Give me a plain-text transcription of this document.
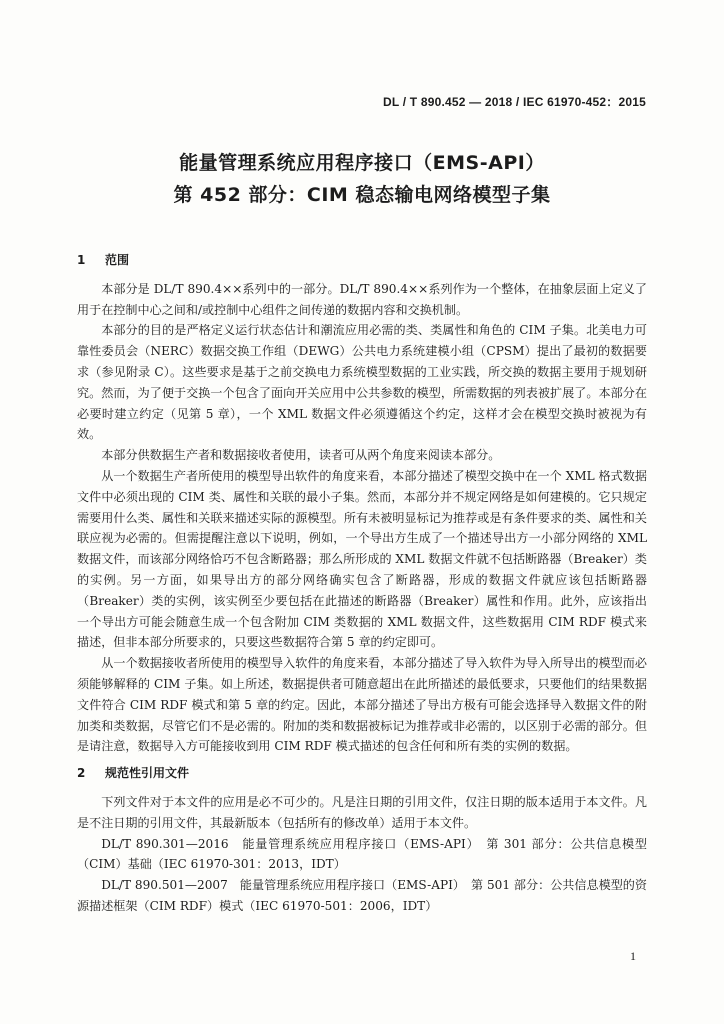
DL / T 890.452 — 2018 / IEC 61970-452：2015
能量管理系统应用程序接口（EMS-API）
第 452 部分：CIM 稳态输电网络模型子集
1 范围

本部分是 DL/T 890.4××系列中的一部分。DL/T 890.4××系列作为一个整体，在抽象层面上定义了用于在控制中心之间和/或控制中心组件之间传递的数据内容和交换机制。

本部分的目的是严格定义运行状态估计和潮流应用必需的类、类属性和角色的 CIM 子集。北美电力可靠性委员会（NERC）数据交换工作组（DEWG）公共电力系统建模小组（CPSM）提出了最初的数据要求（参见附录 C）。这些要求是基于之前交换电力系统模型数据的工业实践，所交换的数据主要用于规划研究。然而，为了便于交换一个包含了面向开关应用中公共参数的模型，所需数据的列表被扩展了。本部分在必要时建立约定（见第 5 章），一个 XML 数据文件必须遵循这个约定，这样才会在模型交换时被视为有效。

本部分供数据生产者和数据接收者使用，读者可从两个角度来阅读本部分。

从一个数据生产者所使用的模型导出软件的角度来看，本部分描述了模型交换中在一个 XML 格式数据文件中必须出现的 CIM 类、属性和关联的最小子集。然而，本部分并不规定网络是如何建模的。它只规定需要用什么类、属性和关联来描述实际的源模型。所有未被明显标记为推荐或是有条件要求的类、属性和关联应视为必需的。但需提醒注意以下说明，例如，一个导出方生成了一个描述导出方一小部分网络的 XML 数据文件，而该部分网络恰巧不包含断路器；那么所形成的 XML 数据文件就不包括断路器（Breaker）类的实例。另一方面，如果导出方的部分网络确实包含了断路器，形成的数据文件就应该包括断路器（Breaker）类的实例，该实例至少要包括在此描述的断路器（Breaker）属性和作用。此外，应该指出一个导出方可能会随意生成一个包含附加 CIM 类数据的 XML 数据文件，这些数据用 CIM RDF 模式来描述，但非本部分所要求的，只要这些数据符合第 5 章的约定即可。

从一个数据接收者所使用的模型导入软件的角度来看，本部分描述了导入软件为导入所导出的模型而必须能够解释的 CIM 子集。如上所述，数据提供者可随意超出在此所描述的最低要求，只要他们的结果数据文件符合 CIM RDF 模式和第 5 章的约定。因此，本部分描述了导出方极有可能会选择导入数据文件的附加类和类数据，尽管它们不是必需的。附加的类和数据被标记为推荐或非必需的，以区别于必需的部分。但是请注意，数据导入方可能接收到用 CIM RDF 模式描述的包含任何和所有类的实例的数据。

2 规范性引用文件

下列文件对于本文件的应用是必不可少的。凡是注日期的引用文件，仅注日期的版本适用于本文件。凡是不注日期的引用文件，其最新版本（包括所有的修改单）适用于本文件。

DL/T 890.301—2016　能量管理系统应用程序接口（EMS-API）　第 301 部分：公共信息模型（CIM）基础（IEC 61970-301：2013，IDT）

DL/T 890.501—2007　能量管理系统应用程序接口（EMS-API）　第 501 部分：公共信息模型的资源描述框架（CIM RDF）模式（IEC 61970-501：2006，IDT）

1
